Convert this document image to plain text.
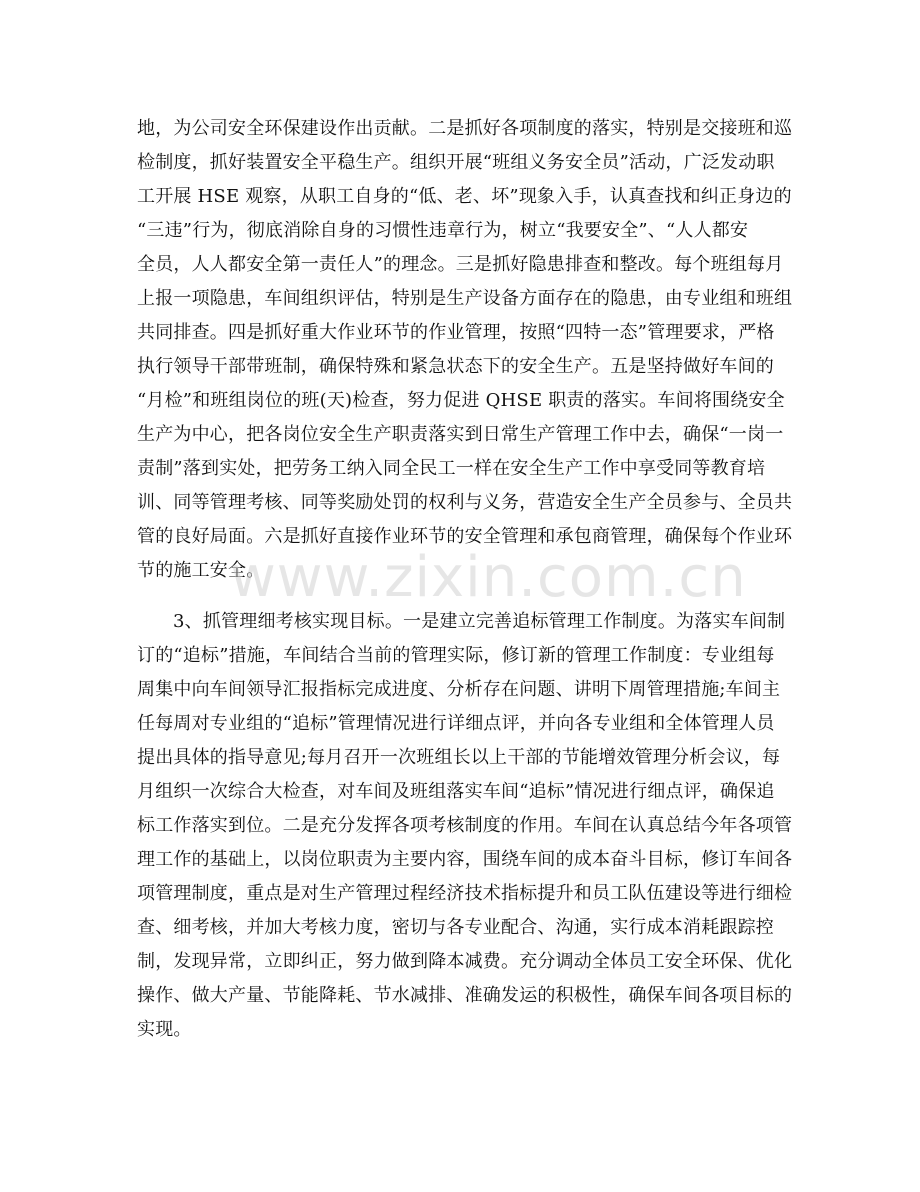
地，为公司安全环保建设作出贡献。二是抓好各项制度的落实，特别是交接班和巡
检制度，抓好装置安全平稳生产。组织开展“班组义务安全员”活动，广泛发动职
工开展 HSE 观察，从职工自身的“低、老、坏”现象入手，认真查找和纠正身边的
“三违”行为，彻底消除自身的习惯性违章行为，树立“我要安全”、“人人都安
全员，人人都安全第一责任人”的理念。三是抓好隐患排查和整改。每个班组每月
上报一项隐患，车间组织评估，特别是生产设备方面存在的隐患，由专业组和班组
共同排查。四是抓好重大作业环节的作业管理，按照“四特一态”管理要求，严格
执行领导干部带班制，确保特殊和紧急状态下的安全生产。五是坚持做好车间的
“月检”和班组岗位的班(天)检查，努力促进 QHSE 职责的落实。车间将围绕安全
生产为中心，把各岗位安全生产职责落实到日常生产管理工作中去，确保“一岗一
责制”落到实处，把劳务工纳入同全民工一样在安全生产工作中享受同等教育培
训、同等管理考核、同等奖励处罚的权利与义务，营造安全生产全员参与、全员共
管的良好局面。六是抓好直接作业环节的安全管理和承包商管理，确保每个作业环
节的施工安全。
3、抓管理细考核实现目标。一是建立完善追标管理工作制度。为落实车间制
订的“追标”措施，车间结合当前的管理实际，修订新的管理工作制度：专业组每
周集中向车间领导汇报指标完成进度、分析存在问题、讲明下周管理措施;车间主
任每周对专业组的“追标”管理情况进行详细点评，并向各专业组和全体管理人员
提出具体的指导意见;每月召开一次班组长以上干部的节能增效管理分析会议，每
月组织一次综合大检查，对车间及班组落实车间“追标”情况进行细点评，确保追
标工作落实到位。二是充分发挥各项考核制度的作用。车间在认真总结今年各项管
理工作的基础上，以岗位职责为主要内容，围绕车间的成本奋斗目标，修订车间各
项管理制度，重点是对生产管理过程经济技术指标提升和员工队伍建设等进行细检
查、细考核，并加大考核力度，密切与各专业配合、沟通，实行成本消耗跟踪控
制，发现异常，立即纠正，努力做到降本减费。充分调动全体员工安全环保、优化
操作、做大产量、节能降耗、节水减排、准确发运的积极性，确保车间各项目标的
实现。
www.zixin.com.cn
